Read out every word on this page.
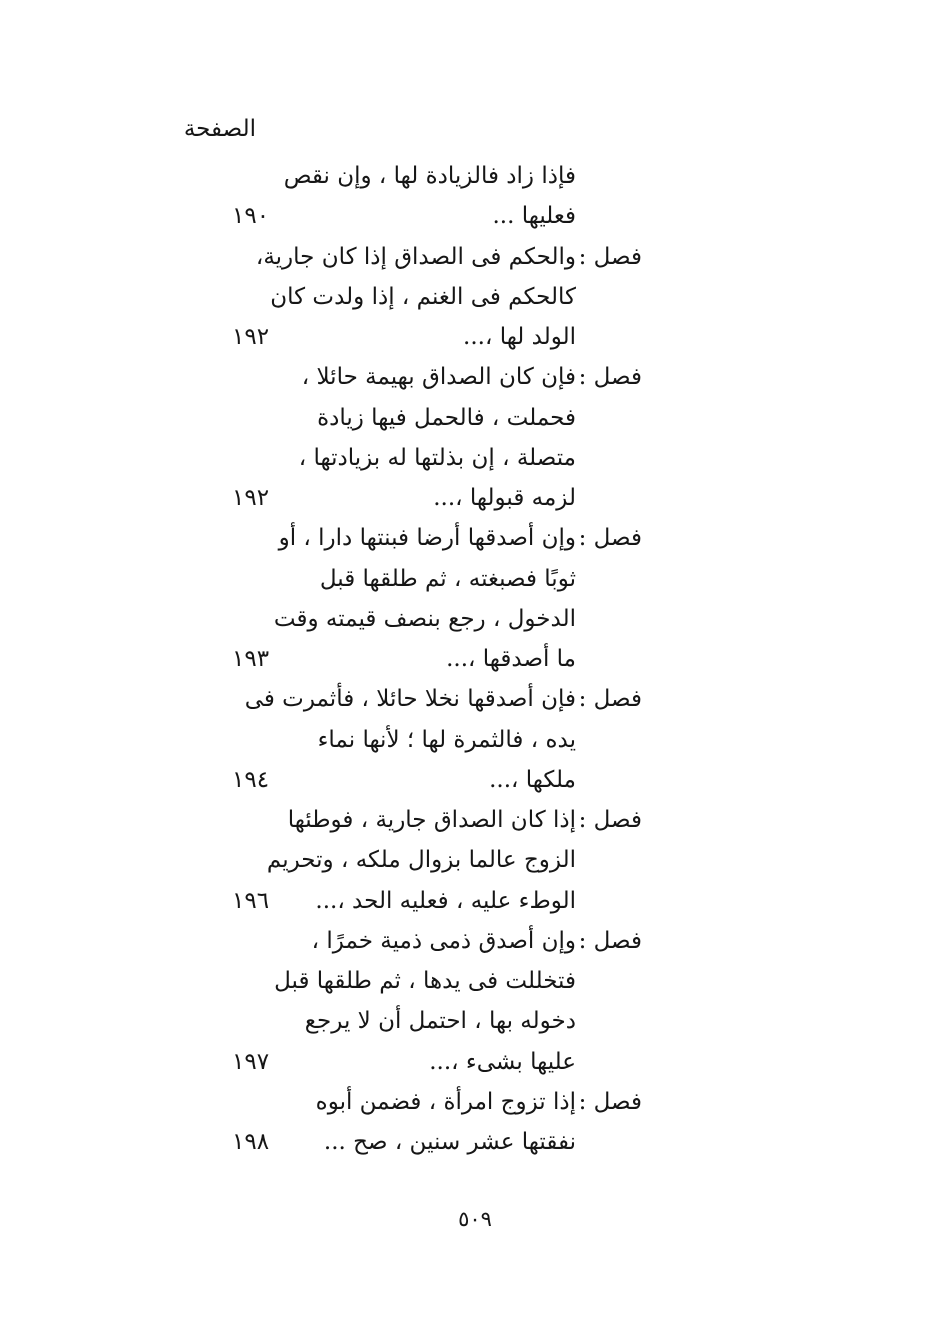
الصفحة
فإذا زاد فالزيادة لها ، وإن نقص
فعليها ...
١٩٠
فصل :
والحكم فى الصداق إذا كان جارية،
كالحكم فى الغنم ، إذا ولدت كان
الولد لها ،...
١٩٢
فصل :
فإن كان الصداق بهيمة حائلا ،
فحملت ، فالحمل فيها زيادة
متصلة ، إن بذلتها له بزيادتها ،
لزمه قبولها ،...
١٩٢
فصل :
وإن أصدقها أرضا فبنتها دارا ، أو
ثوبًا فصبغته ، ثم طلقها قبل
الدخول ، رجع بنصف قيمته وقت
ما أصدقها ،...
١٩٣
فصل :
فإن أصدقها نخلا حائلا ، فأثمرت فى
يده ، فالثمرة لها ؛ لأنها نماء
ملكها ،...
١٩٤
فصل :
إذا كان الصداق جارية ، فوطئها
الزوج عالما بزوال ملكه ، وتحريم
الوطء عليه ، فعليه الحد ،...
١٩٦
فصل :
وإن أصدق ذمى ذمية خمرًا ،
فتخللت فى يدها ، ثم طلقها قبل
دخوله بها ، احتمل أن لا يرجع
عليها بشىء ،...
١٩٧
فصل :
إذا تزوج امرأة ، فضمن أبوه
نفقتها عشر سنين ، صح ...
١٩٨
٥٠٩
